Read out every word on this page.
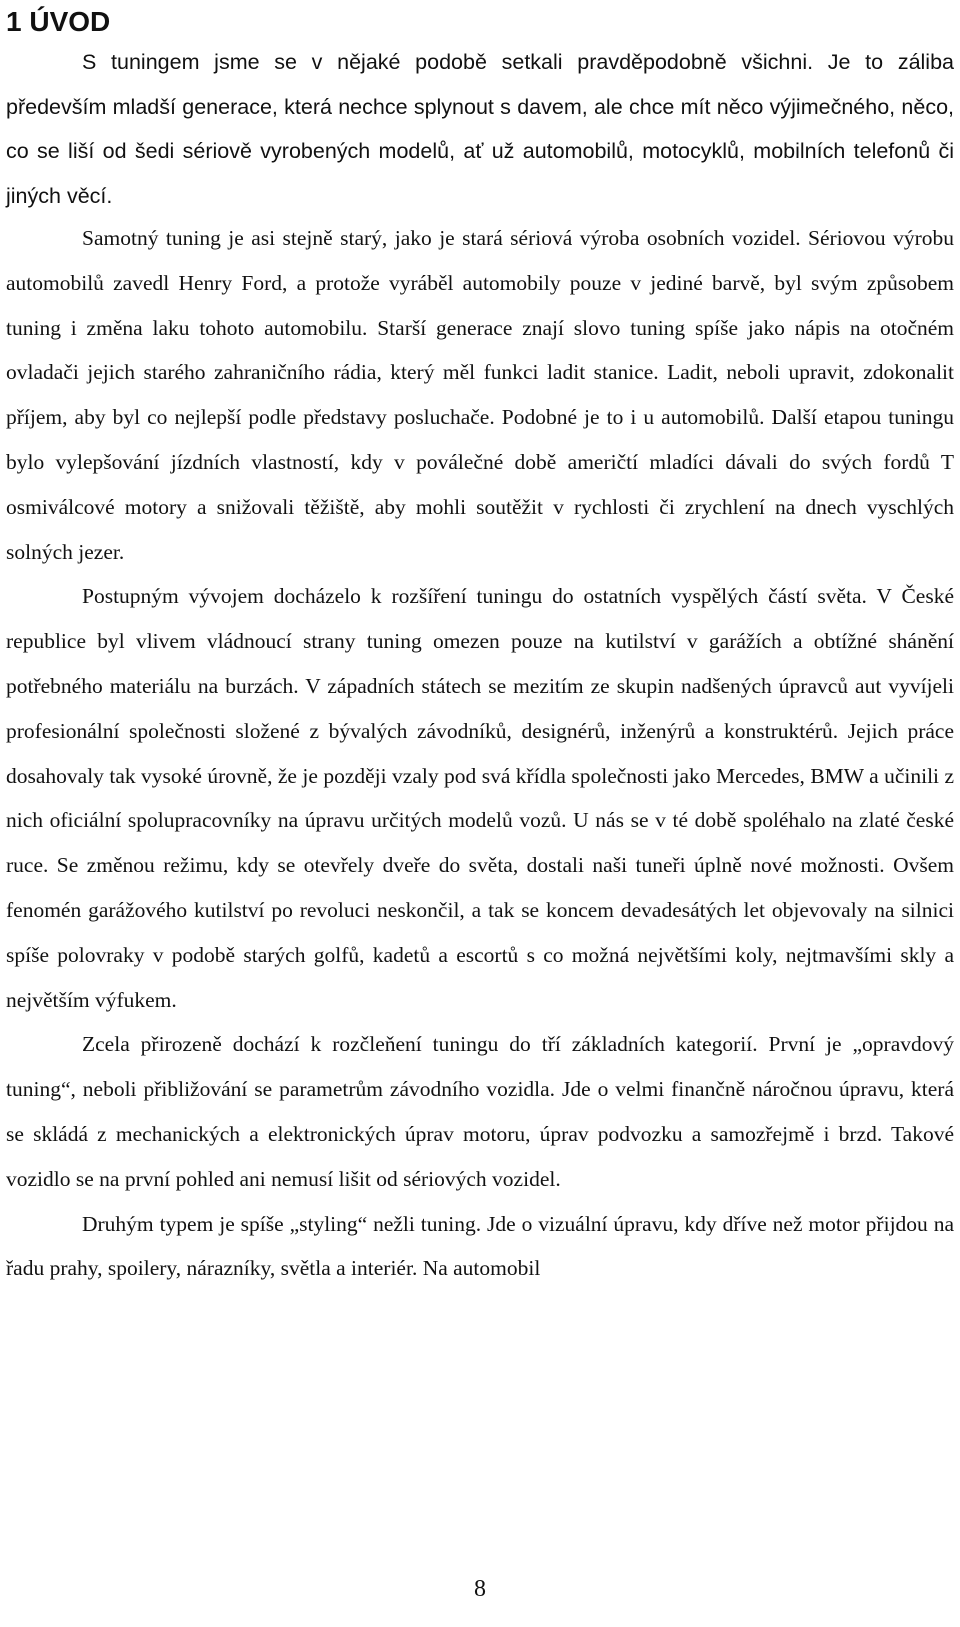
1 ÚVOD

S tuningem jsme se v nějaké podobě setkali pravděpodobně všichni. Je to záliba především mladší generace, která nechce splynout s davem, ale chce mít něco výjimečného, něco, co se liší od šedi sériově vyrobených modelů, ať už automobilů, motocyklů, mobilních telefonů či jiných věcí.

Samotný tuning je asi stejně starý, jako je stará sériová výroba osobních vozidel. Sériovou výrobu automobilů zavedl Henry Ford, a protože vyráběl automobily pouze v jediné barvě, byl svým způsobem tuning i změna laku tohoto automobilu. Starší generace znají slovo tuning spíše jako nápis na otočném ovladači jejich starého zahraničního rádia, který měl funkci ladit stanice. Ladit, neboli upravit, zdokonalit příjem, aby byl co nejlepší podle představy posluchače. Podobné je to i u automobilů. Další etapou tuningu bylo vylepšování jízdních vlastností, kdy v poválečné době američtí mladíci dávali do svých fordů T osmiválcové motory a snižovali těžiště, aby mohli soutěžit v rychlosti či zrychlení na dnech vyschlých solných jezer.

Postupným vývojem docházelo k rozšíření tuningu do ostatních vyspělých částí světa. V České republice byl vlivem vládnoucí strany tuning omezen pouze na kutilství v garážích a obtížné shánění potřebného materiálu na burzách. V západních státech se mezitím ze skupin nadšených úpravců aut vyvíjeli profesionální společnosti složené z bývalých závodníků, designérů, inženýrů a konstruktérů. Jejich práce dosahovaly tak vysoké úrovně, že je později vzaly pod svá křídla společnosti jako Mercedes, BMW a učinili z nich oficiální spolupracovníky na úpravu určitých modelů vozů. U nás se v té době spoléhalo na zlaté české ruce. Se změnou režimu, kdy se otevřely dveře do světa, dostali naši tuneři úplně nové možnosti. Ovšem fenomén garážového kutilství po revoluci neskončil, a tak se koncem devadesátých let objevovaly na silnici spíše polovraky v podobě starých golfů, kadetů a escortů s co možná největšími koly, nejtmavšími skly a největším výfukem.

Zcela přirozeně dochází k rozčleňení tuningu do tří základních kategorií. První je „opravdový tuning“, neboli přibližování se parametrům závodního vozidla. Jde o velmi finančně náročnou úpravu, která se skládá z mechanických a elektronických úprav motoru, úprav podvozku a samozřejmě i brzd. Takové vozidlo se na první pohled ani nemusí lišit od sériových vozidel.

Druhým typem je spíše „styling“ nežli tuning. Jde o vizuální úpravu, kdy dříve než motor přijdou na řadu prahy, spoilery, nárazníky, světla a interiér. Na automobil

8
